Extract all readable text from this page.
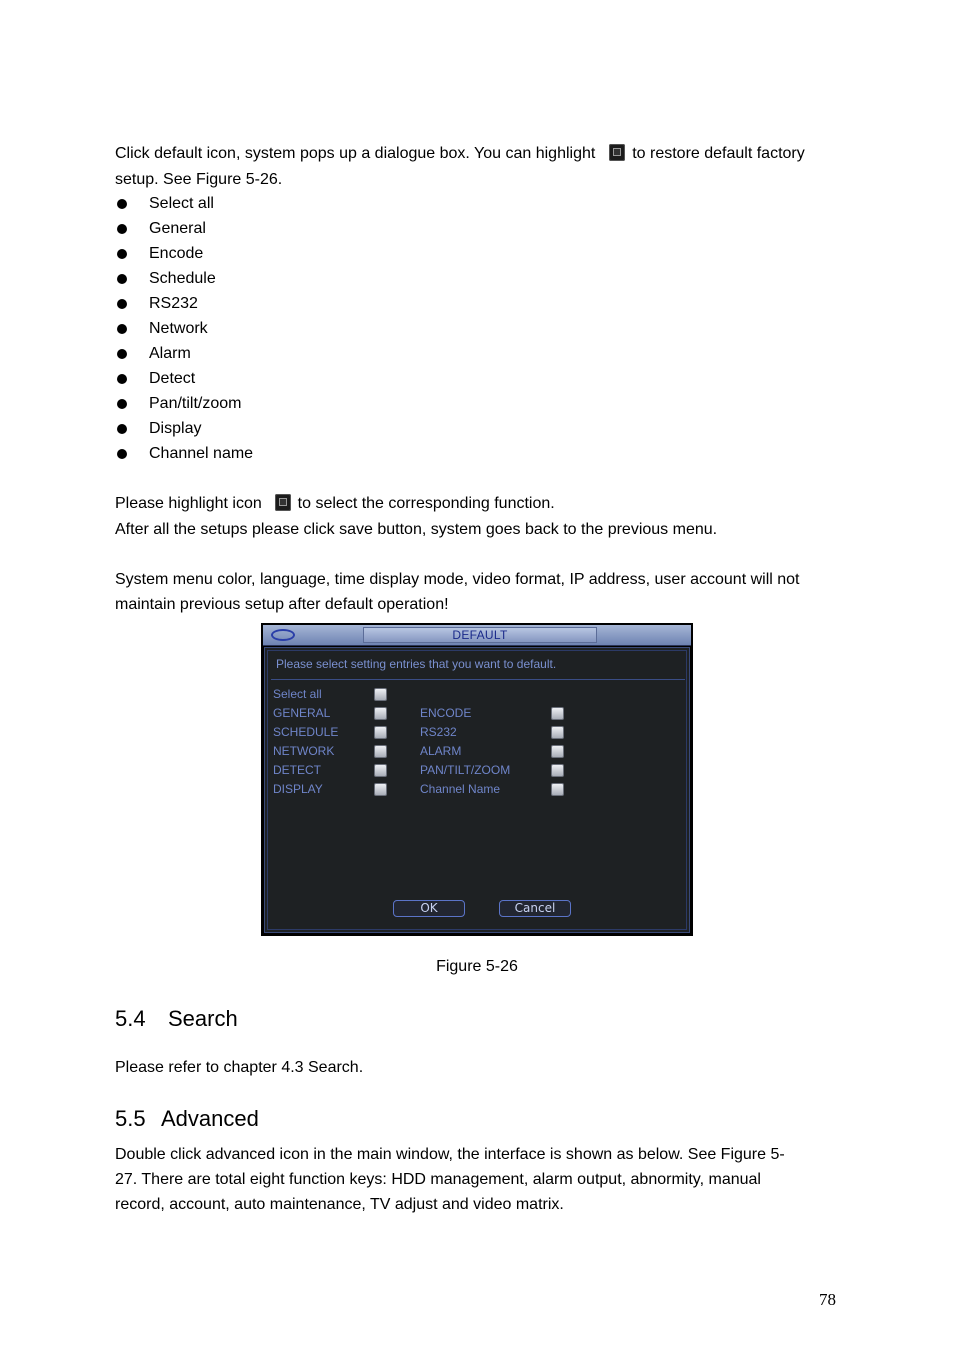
Click default icon, system pops up a dialogue box. You can highlight to restore default factory
setup. See Figure 5-26.
Select all
General
Encode
Schedule
RS232
Network
Alarm
Detect
Pan/tilt/zoom
Display
Channel name
Please highlight icon to select the corresponding function.
After all the setups please click save button, system goes back to the previous menu.
System menu color, language, time display mode, video format, IP address, user account will not
maintain previous setup after default operation!
DEFAULT
Please select setting entries that you want to default.
Select all
GENERAL
SCHEDULE
NETWORK
DETECT
DISPLAY
ENCODE
RS232
ALARM
PAN/TILT/ZOOM
Channel Name
OK	Cancel
Figure 5-26
5.4 Search
Please refer to chapter 4.3 Search.
5.5 Advanced
Double click advanced icon in the main window, the interface is shown as below. See Figure 5-
27. There are total eight function keys: HDD management, alarm output, abnormity, manual
record, account, auto maintenance, TV adjust and video matrix.
78
